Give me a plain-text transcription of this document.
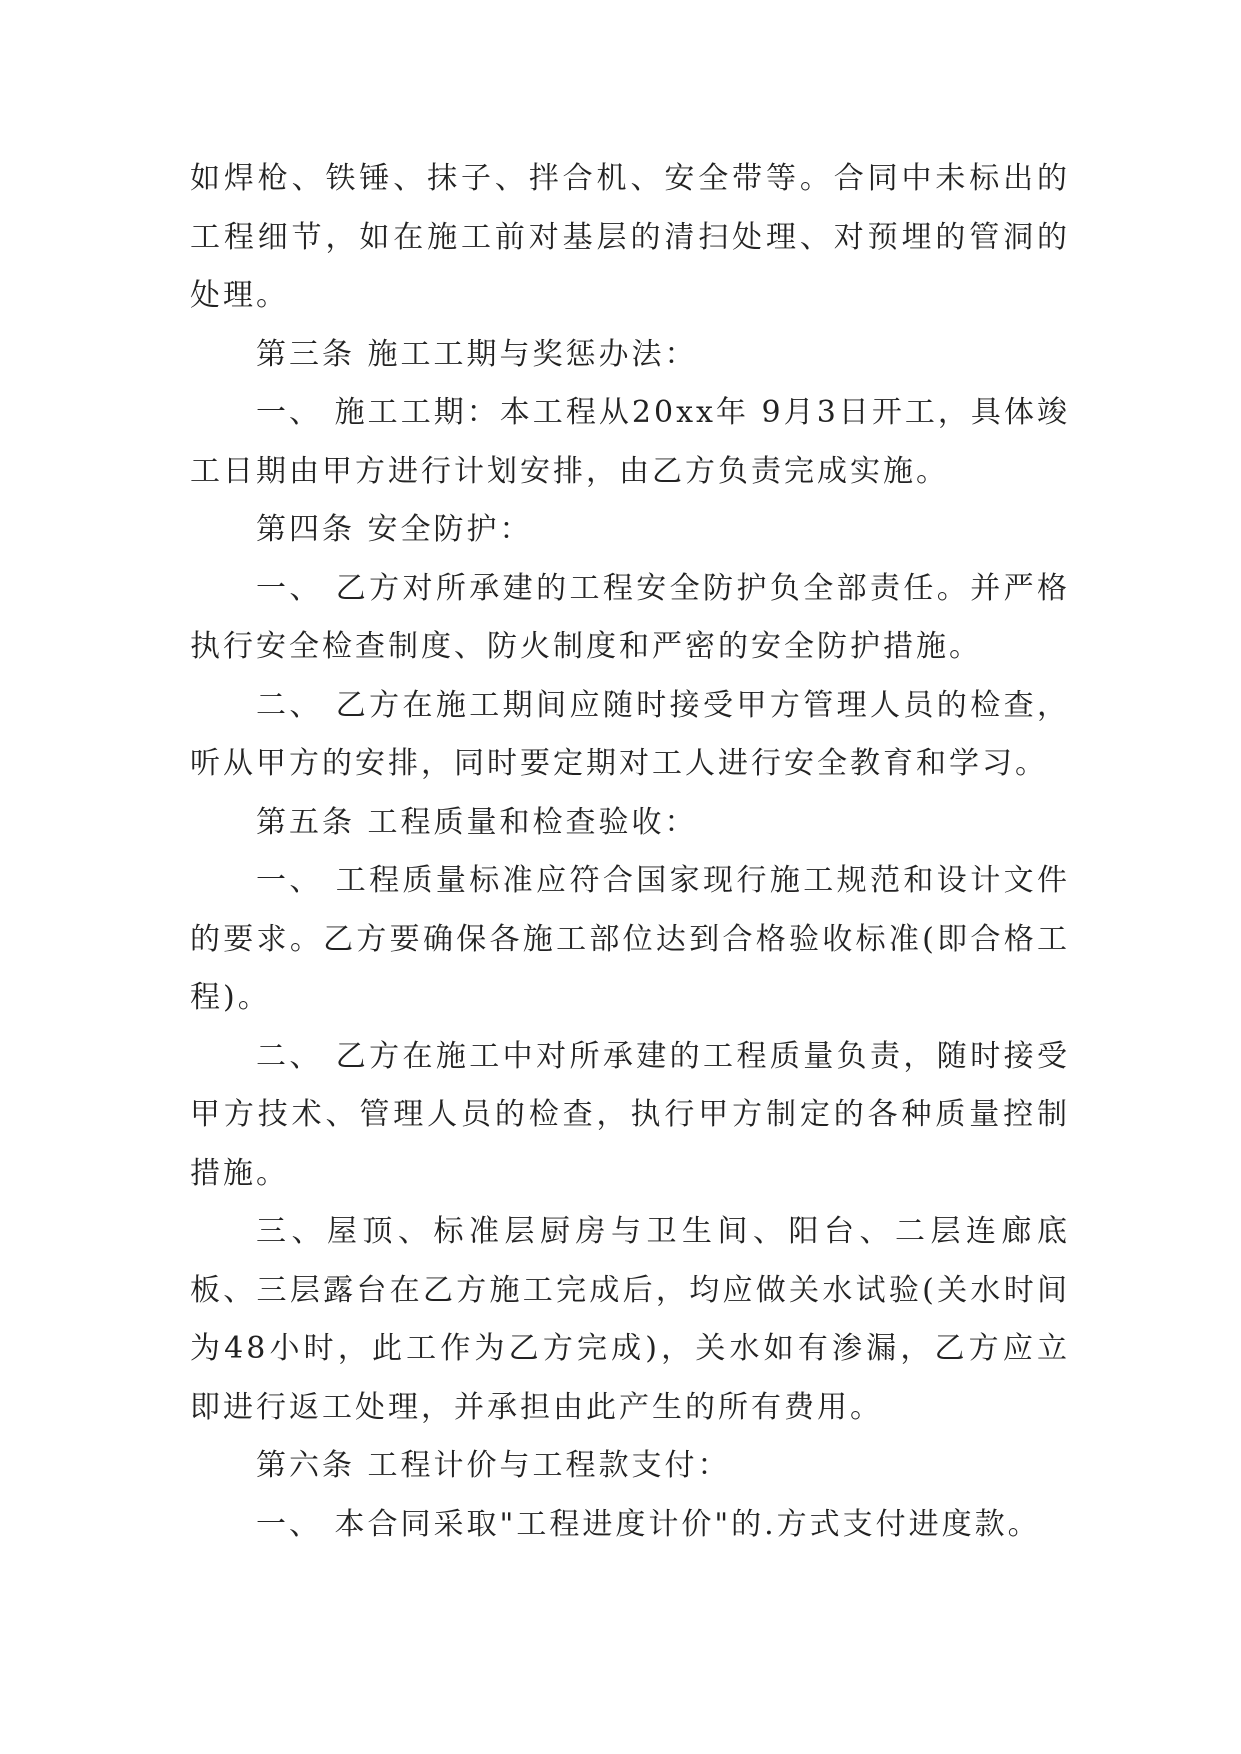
如焊枪、铁锤、抹子、拌合机、安全带等。合同中未标出的工程细节，如在施工前对基层的清扫处理、对预埋的管洞的处理。

第三条 施工工期与奖惩办法：

一、 施工工期：本工程从20xx年 9月3日开工，具体竣工日期由甲方进行计划安排，由乙方负责完成实施。

第四条 安全防护：

一、 乙方对所承建的工程安全防护负全部责任。并严格执行安全检查制度、防火制度和严密的安全防护措施。

二、 乙方在施工期间应随时接受甲方管理人员的检查，听从甲方的安排，同时要定期对工人进行安全教育和学习。

第五条 工程质量和检查验收：

一、 工程质量标准应符合国家现行施工规范和设计文件的要求。乙方要确保各施工部位达到合格验收标准(即合格工程)。

二、 乙方在施工中对所承建的工程质量负责，随时接受甲方技术、管理人员的检查，执行甲方制定的各种质量控制措施。

三、屋顶、标准层厨房与卫生间、阳台、二层连廊底板、三层露台在乙方施工完成后，均应做关水试验(关水时间为48小时，此工作为乙方完成)，关水如有渗漏，乙方应立即进行返工处理，并承担由此产生的所有费用。

第六条 工程计价与工程款支付：

一、 本合同采取"工程进度计价"的.方式支付进度款。
